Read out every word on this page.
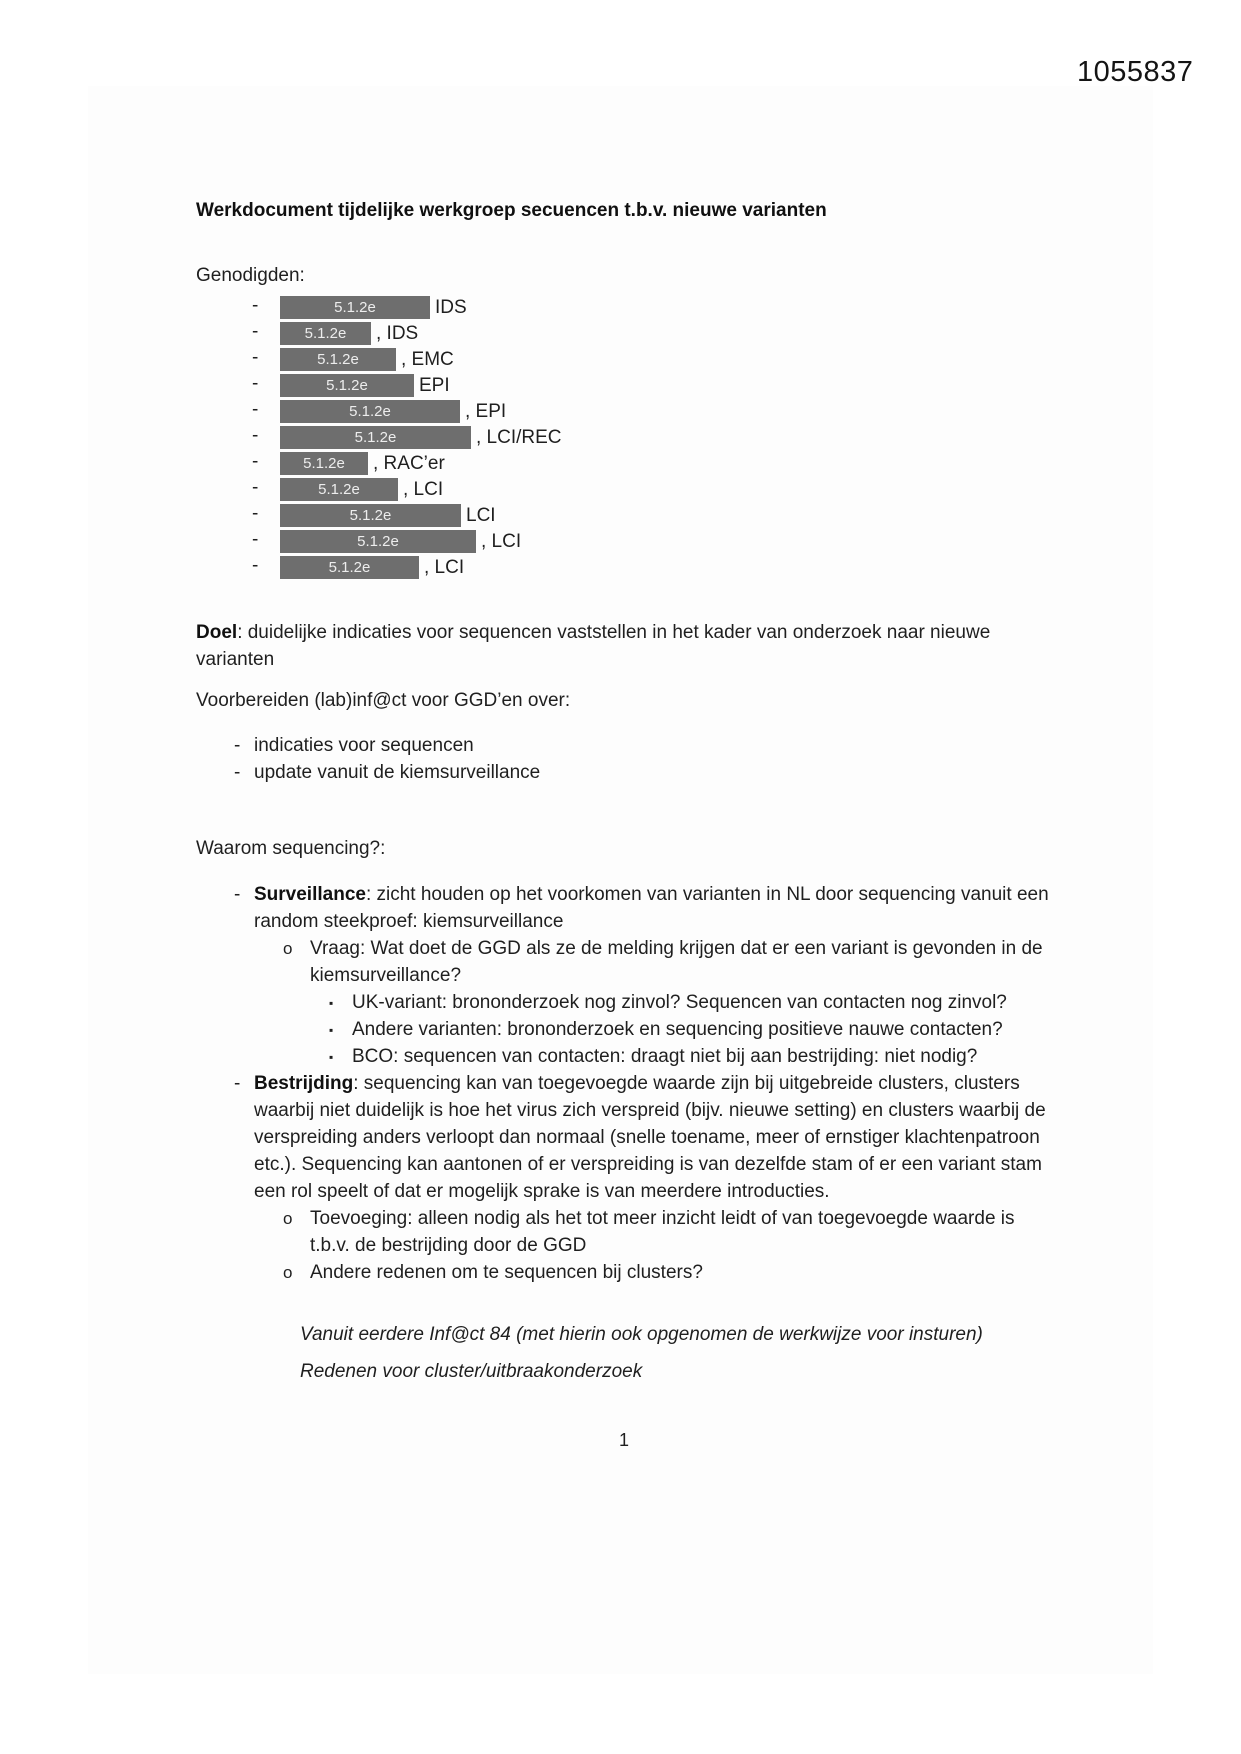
1055837
Werkdocument tijdelijke werkgroep secuencen t.b.v. nieuwe varianten
Genodigden:
-	5.1.2e	IDS
-	5.1.2e , IDS
-	5.1.2e , EMC
-	5.1.2e	EPI
-	5.1.2e	, EPI
-	5.1.2e	, LCI/REC
-	5.1.2e , RAC’er
-	5.1.2e , LCI
-	5.1.2e	LCI
-	5.1.2e	, LCI
-	5.1.2e	, LCI
Doel: duidelijke indicaties voor sequencen vaststellen in het kader van onderzoek naar nieuwe varianten
Voorbereiden (lab)inf@ct voor GGD’en over:
- indicaties voor sequencen
- update vanuit de kiemsurveillance
Waarom sequencing?:
- Surveillance: zicht houden op het voorkomen van varianten in NL door sequencing vanuit een random steekproef: kiemsurveillance
o Vraag: Wat doet de GGD als ze de melding krijgen dat er een variant is gevonden in de kiemsurveillance?
▪ UK-variant: brononderzoek nog zinvol? Sequencen van contacten nog zinvol?
▪ Andere varianten: brononderzoek en sequencing positieve nauwe contacten?
▪ BCO: sequencen van contacten: draagt niet bij aan bestrijding: niet nodig?
- Bestrijding: sequencing kan van toegevoegde waarde zijn bij uitgebreide clusters, clusters waarbij niet duidelijk is hoe het virus zich verspreid (bijv. nieuwe setting) en clusters waarbij de verspreiding anders verloopt dan normaal (snelle toename, meer of ernstiger klachtenpatroon etc.). Sequencing kan aantonen of er verspreiding is van dezelfde stam of er een variant stam een rol speelt of dat er mogelijk sprake is van meerdere introducties.
o Toevoeging: alleen nodig als het tot meer inzicht leidt of van toegevoegde waarde is t.b.v. de bestrijding door de GGD
o Andere redenen om te sequencen bij clusters?
Vanuit eerdere Inf@ct 84 (met hierin ook opgenomen de werkwijze voor insturen)
Redenen voor cluster/uitbraakonderzoek
1
